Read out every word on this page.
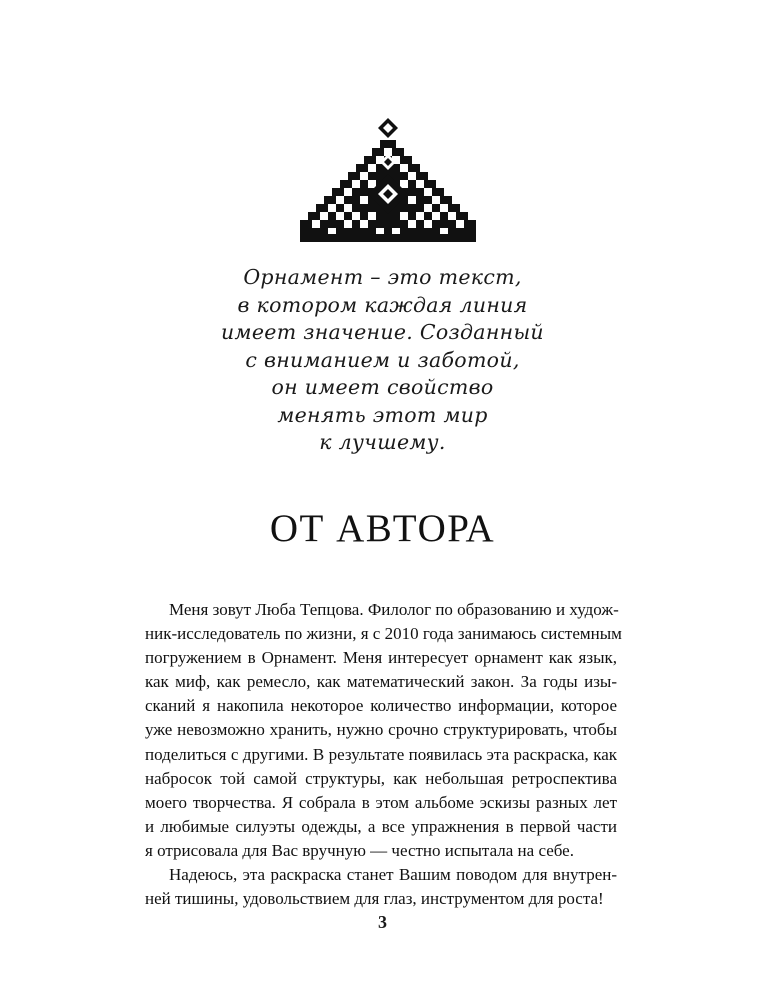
Орнамент – это текст,
в котором каждая линия
имеет значение. Созданный
с вниманием и заботой,
он имеет свойство
менять этот мир
к лучшему.
ОТ АВТОРА
Меня зовут Люба Тепцова. Филолог по образованию и худож-
ник-исследователь по жизни, я с 2010 года занимаюсь системным
погружением в Орнамент. Меня интересует орнамент как язык,
как миф, как ремесло, как математический закон. За годы изы-
сканий я накопила некоторое количество информации, которое
уже невозможно хранить, нужно срочно структурировать, чтобы
поделиться с другими. В результате появилась эта раскраска, как
набросок той самой структуры, как небольшая ретроспектива
моего творчества. Я собрала в этом альбоме эскизы разных лет
и любимые силуэты одежды, а все упражнения в первой части
я отрисовала для Вас вручную — честно испытала на себе.
Надеюсь, эта раскраска станет Вашим поводом для внутрен-
ней тишины, удовольствием для глаз, инструментом для роста!
3
